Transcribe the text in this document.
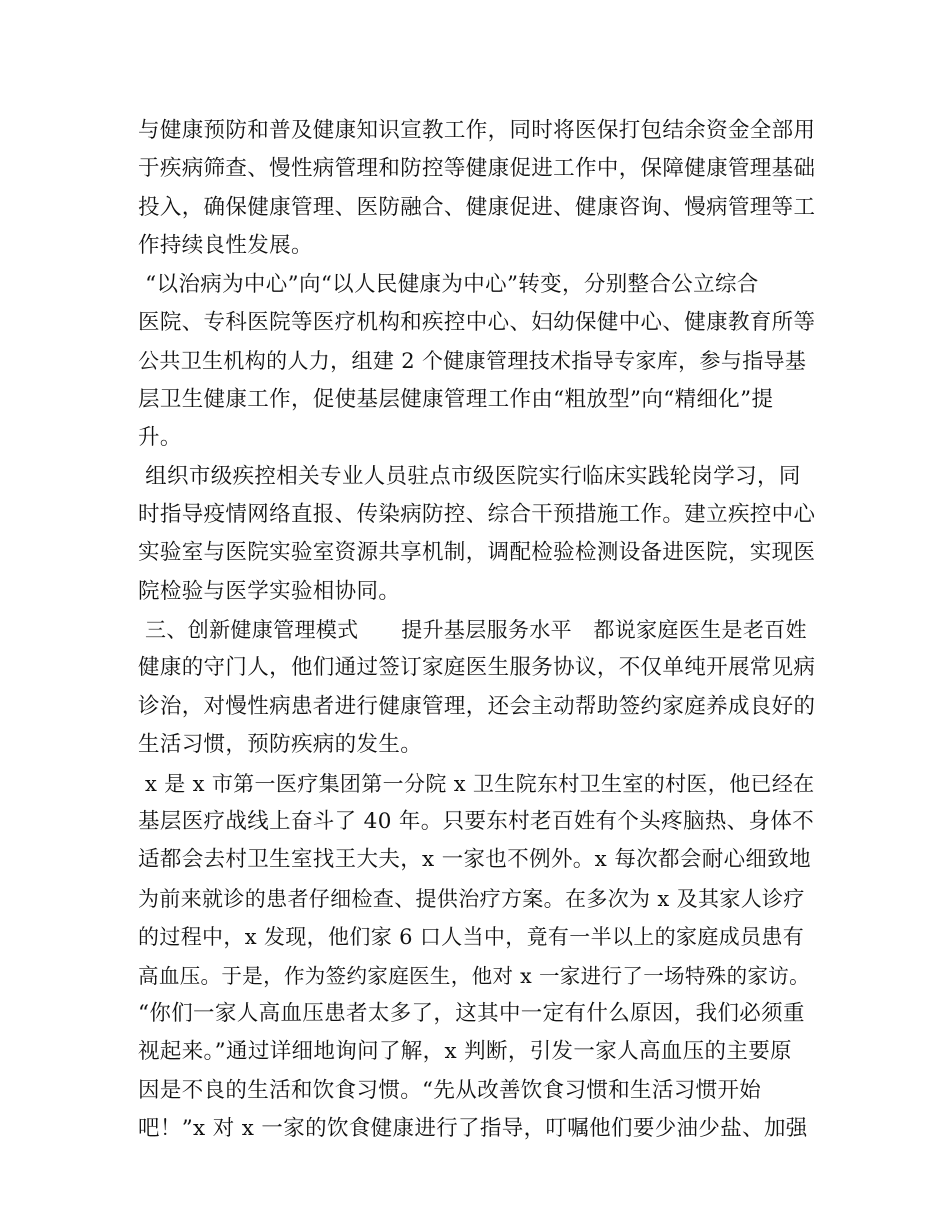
与健康预防和普及健康知识宣教工作，同时将医保打包结余资金全部用
于疾病筛查、慢性病管理和防控等健康促进工作中，保障健康管理基础
投入，确保健康管理、医防融合、健康促进、健康咨询、慢病管理等工
作持续良性发展。
“以治病为中心”向“以人民健康为中心”转变，分别整合公立综合
医院、专科医院等医疗机构和疾控中心、妇幼保健中心、健康教育所等
公共卫生机构的人力，组建 2 个健康管理技术指导专家库，参与指导基
层卫生健康工作，促使基层健康管理工作由“粗放型”向“精细化”提
升。
组织市级疾控相关专业人员驻点市级医院实行临床实践轮岗学习，同
时指导疫情网络直报、传染病防控、综合干预措施工作。建立疾控中心
实验室与医院实验室资源共享机制，调配检验检测设备进医院，实现医
院检验与医学实验相协同。
三、创新健康管理模式　　提升基层服务水平　都说家庭医生是老百姓
健康的守门人，他们通过签订家庭医生服务协议，不仅单纯开展常见病
诊治，对慢性病患者进行健康管理，还会主动帮助签约家庭养成良好的
生活习惯，预防疾病的发生。
x 是 x 市第一医疗集团第一分院 x 卫生院东村卫生室的村医，他已经在
基层医疗战线上奋斗了 40 年。只要东村老百姓有个头疼脑热、身体不
适都会去村卫生室找王大夫，x 一家也不例外。x 每次都会耐心细致地
为前来就诊的患者仔细检查、提供治疗方案。在多次为 x 及其家人诊疗
的过程中，x 发现，他们家 6 口人当中，竟有一半以上的家庭成员患有
高血压。于是，作为签约家庭医生，他对 x 一家进行了一场特殊的家访。
“你们一家人高血压患者太多了，这其中一定有什么原因，我们必须重
视起来。”通过详细地询问了解，x 判断，引发一家人高血压的主要原
因是不良的生活和饮食习惯。“先从改善饮食习惯和生活习惯开始
吧！”x 对 x 一家的饮食健康进行了指导，叮嘱他们要少油少盐、加强
